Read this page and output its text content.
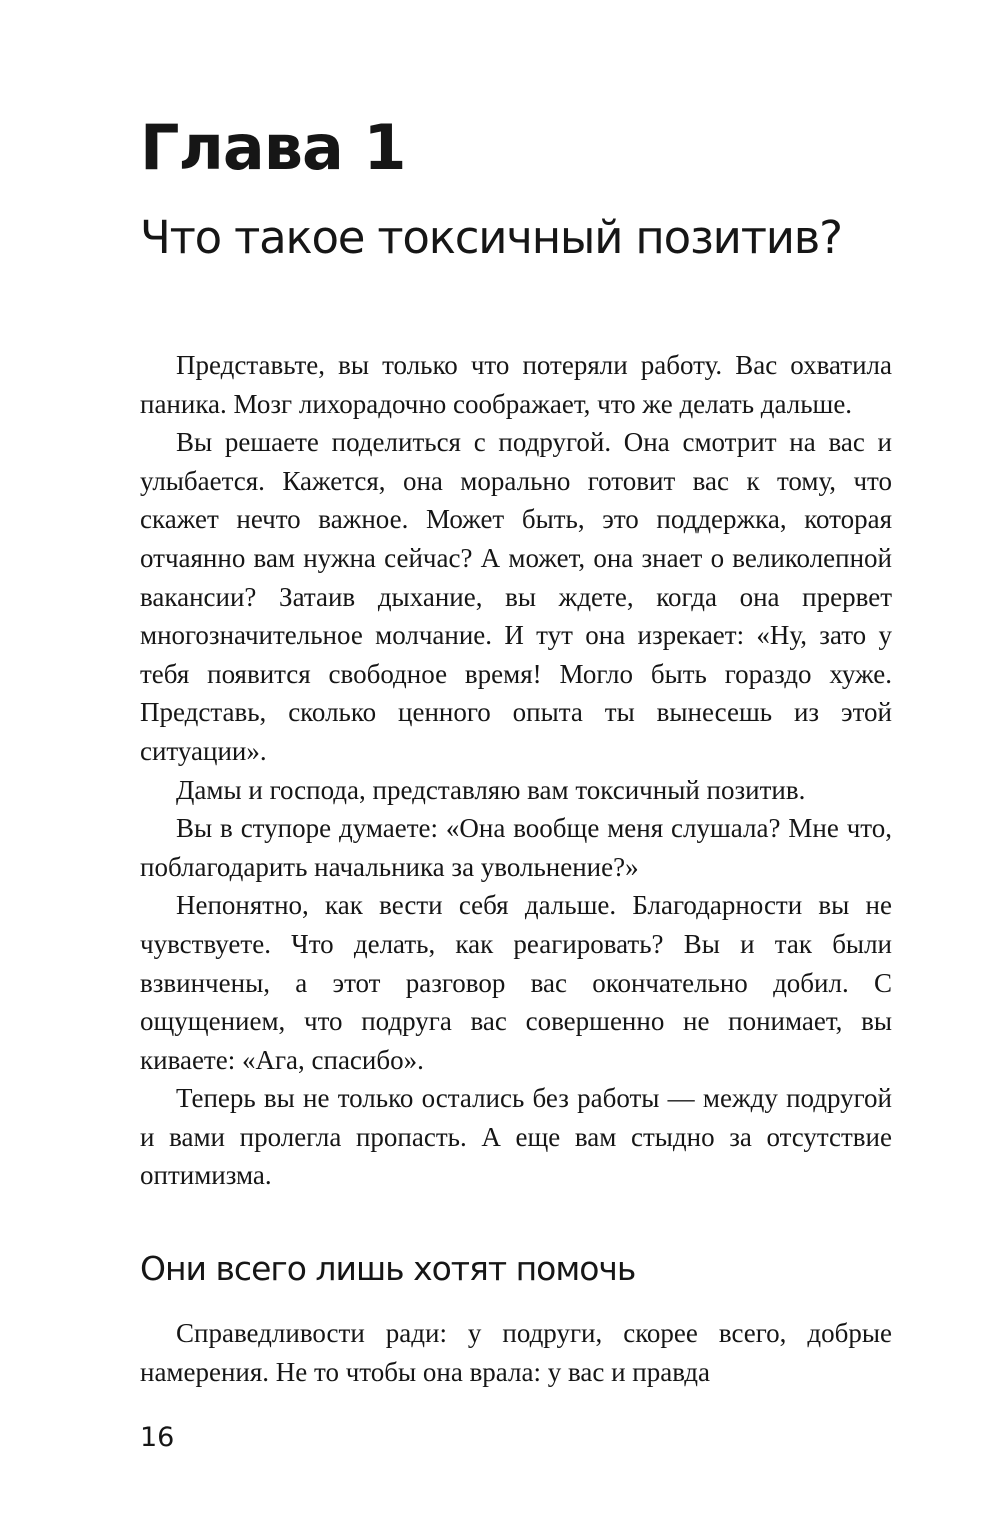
Глава 1
Что такое токсичный позитив?

Представьте, вы только что потеряли работу. Вас охватила паника. Мозг лихорадочно соображает, что же делать дальше.

Вы решаете поделиться с подругой. Она смотрит на вас и улыбается. Кажется, она морально готовит вас к тому, что скажет нечто важное. Может быть, это поддержка, которая отчаянно вам нужна сейчас? А может, она знает о великолепной вакансии? Затаив дыхание, вы ждете, когда она прервет многозначительное молчание. И тут она изрекает: «Ну, зато у тебя появится свободное время! Могло быть гораздо хуже. Представь, сколько ценного опыта ты вынесешь из этой ситуации».

Дамы и господа, представляю вам токсичный позитив.

Вы в ступоре думаете: «Она вообще меня слушала? Мне что, поблагодарить начальника за увольнение?»

Непонятно, как вести себя дальше. Благодарности вы не чувствуете. Что делать, как реагировать? Вы и так были взвинчены, а этот разговор вас окончательно добил. С ощущением, что подруга вас совершенно не понимает, вы киваете: «Ага, спасибо».

Теперь вы не только остались без работы — между подругой и вами пролегла пропасть. А еще вам стыдно за отсутствие оптимизма.

Они всего лишь хотят помочь

Справедливости ради: у подруги, скорее всего, добрые намерения. Не то чтобы она врала: у вас и правда

16
